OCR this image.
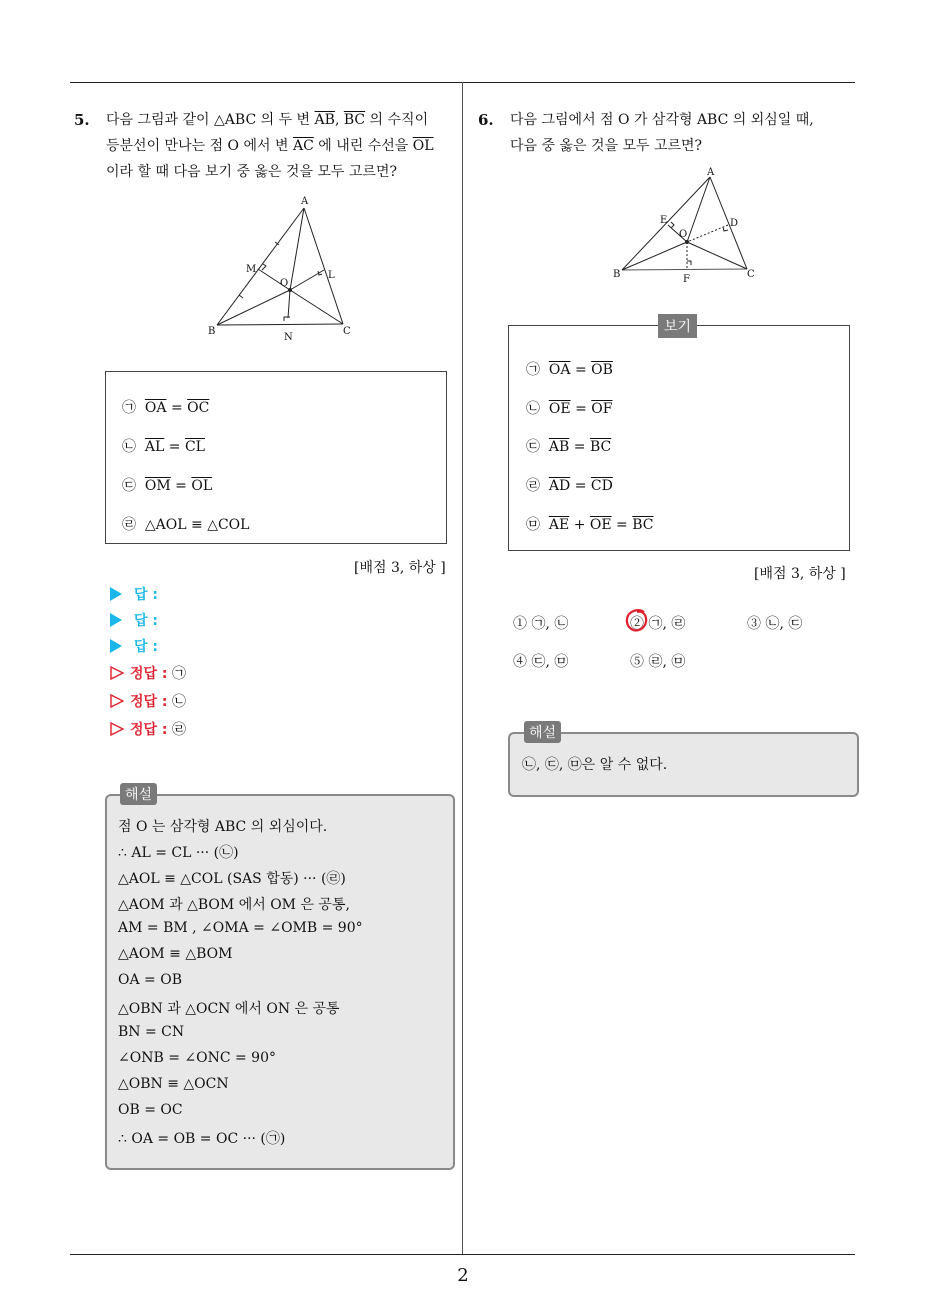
5. 다음 그림과 같이 △ABC 의 두 변 $\overline{AB}$, $\overline{BC}$ 의 수직이
등분선이 만나는 점 O 에서 변 $\overline{AC}$ 에 내린 수선을 $\overline{OL}$
이라 할 때 다음 보기 중 옳은 것을 모두 고르면?
A
B	C
M
L
O
N
㉠ $\overline{OA} = \overline{OC}$
㉡ $\overline{AL} = \overline{CL}$
㉢ $\overline{OM} = \overline{OL}$
㉣ △AOL ≡ △COL
[배점 3, 하상 ]
답 :
답 :
답 :
정답 : ㉠
정답 : ㉡
정답 : ㉣
해설
점 O 는 삼각형 ABC 의 외심이다.
∴ AL = CL ··· (㉡)
△AOL ≡ △COL (SAS 합동) ··· (㉣)
△AOM 과 △BOM 에서 OM 은 공통,
AM = BM , ∠OMA = ∠OMB = 90°
△AOM ≡ △BOM
OA = OB
△OBN 과 △OCN 에서 ON 은 공통
BN = CN
∠ONB = ∠ONC = 90°
△OBN ≡ △OCN
OB = OC
∴ OA = OB = OC ··· (㉠)
6. 다음 그림에서 점 O 가 삼각형 ABC 의 외심일 때,
다음 중 옳은 것을 모두 고르면?
A
B	C
D
E
F
O
보기
㉠ $\overline{OA} = \overline{OB}$
㉡ $\overline{OE} = \overline{OF}$
㉢ $\overline{AB} = \overline{BC}$
㉣ $\overline{AD} = \overline{CD}$
㉤ $\overline{AE} + \overline{OE} = \overline{BC}$
[배점 3, 하상 ]
① ㉠, ㉡	② ㉠, ㉣	③ ㉡, ㉢
④ ㉢, ㉤	⑤ ㉣, ㉤
해설
㉡, ㉢, ㉤은 알 수 없다.
2
